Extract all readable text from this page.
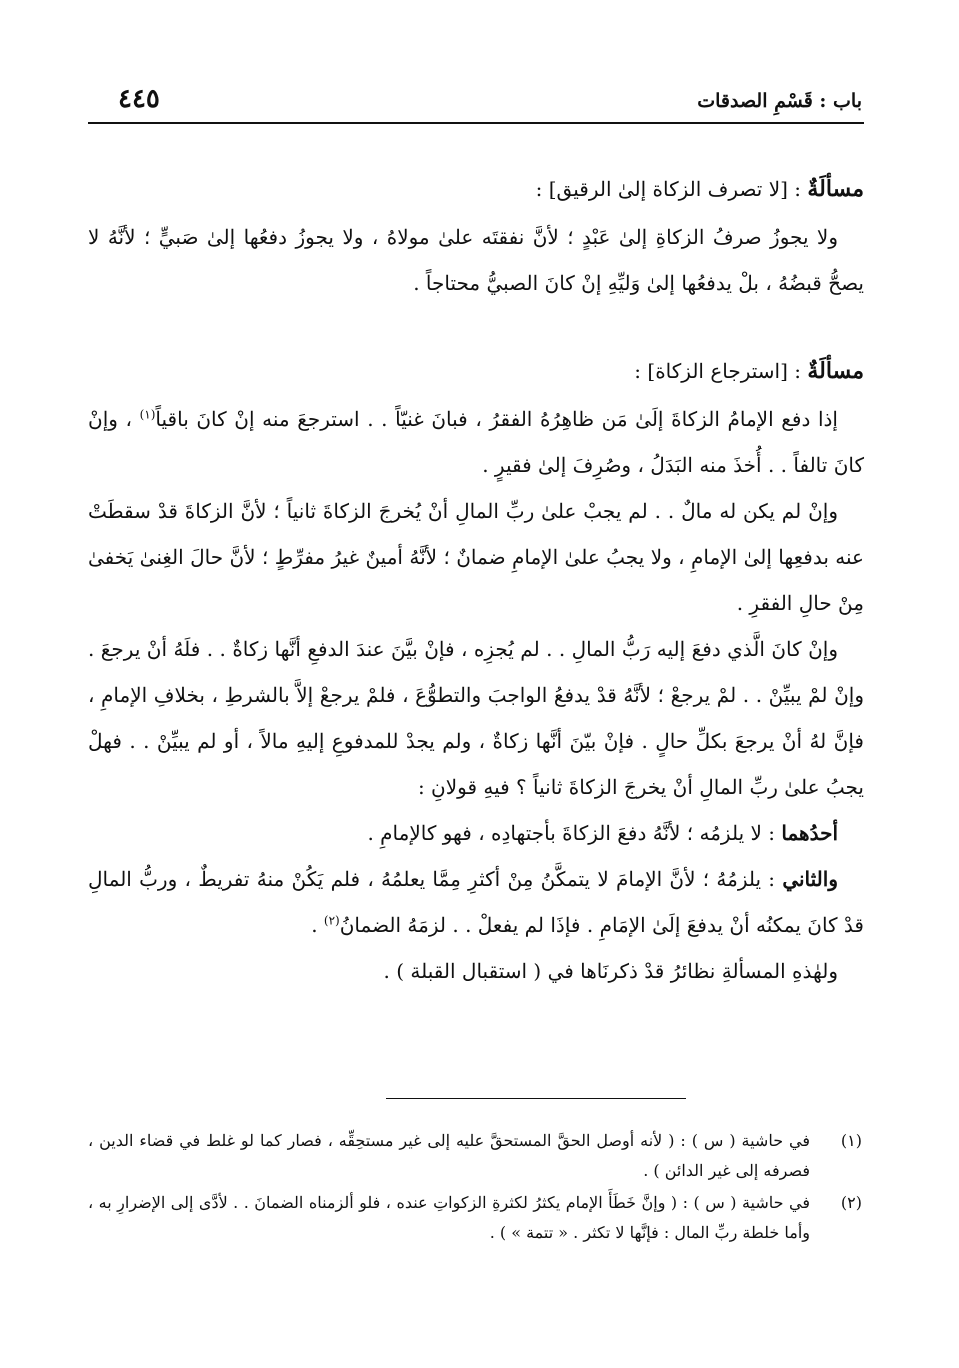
باب : قَسْمِ الصدقات
٤٤٥

مسألَةٌ : [لا تصرف الزكاة إلىٰ الرقيق] :

ولا يجوزُ صرفُ الزكاةِ إلىٰ عَبْدٍ ؛ لأنَّ نفقتَه علىٰ مولاهُ ، ولا يجوزُ دفعُها إلىٰ صَبيٍّ ؛ لأنَّهُ لا يصحُّ قبضُهُ ، بلْ يدفعُها إلىٰ وَليِّهِ إنْ كانَ الصبيُّ محتاجاً .

مسألَةٌ : [استرجاع الزكاة] :

إذا دفع الإمامُ الزكاةَ إلَىٰ مَن ظاهِرُهُ الفقرُ ، فبانَ غنيّاً . . استرجعَ منه إنْ كانَ باقياً$^{(١)}$ ، وإنْ كانَ تالفاً . . أُخذَ منه البَدَلُ ، وصُرِفَ إلىٰ فقيرٍ .

وإنْ لم يكن له مالٌ . . لم يجبْ علىٰ ربِّ المالِ أنْ يُخرجَ الزكاةَ ثانياً ؛ لأنَّ الزكاةَ قدْ سقطَتْ عنه بدفعِها إلىٰ الإمامِ ، ولا يجبُ علىٰ الإمامِ ضمانٌ ؛ لأنَّهُ أمينٌ غيرُ مفرِّطٍ ؛ لأنَّ حالَ الغِنىٰ يَخفىٰ مِنْ حالِ الفقرِ .

وإنْ كانَ الَّذي دفعَ إليه رَبُّ المالِ . . لم يُجزِه ، فإنْ بيَّنَ عندَ الدفعِ أنَّها زكاةٌ . . فلَهُ أنْ يرجعَ . وإنْ لمْ يبيِّنْ . . لمْ يرجعْ ؛ لأنَّهُ قدْ يدفعُ الواجبَ والتطوُّعَ ، فلمْ يرجعْ إلاَّ بالشرطِ ، بخلافِ الإمامِ ، فإنَّ لهُ أنْ يرجعَ بكلِّ حالٍ . فإنْ بيّنَ أنَّها زكاةٌ ، ولم يجدْ للمدفوعِ إليهِ مالاً ، أو لم يبيِّنْ . . فهلْ يجبُ علىٰ ربِّ المالِ أنْ يخرجَ الزكاةَ ثانياً ؟ فيهِ قولانِ :

أحدُهما : لا يلزمُه ؛ لأنَّهُ دفعَ الزكاةَ بأجتهادِه ، فهو كالإمامِ .

والثاني : يلزمُهُ ؛ لأنَّ الإمامَ لا يتمكَّنُ مِنْ أكثرِ مِمَّا يعلمُهُ ، فلم يَكُنْ منهُ تفريطٌ ، وربُّ المالِ قدْ كانَ يمكنُه أنْ يدفعَ إلَىٰ الإمَامِ . فإذَا لم يفعلْ . . لزمَهُ الضمانُ$^{(٢)}$ .

ولهٰذهِ المسألةِ نظائرُ قدْ ذكرنَاها في ( استقبال القبلة ) .

(١)
في حاشية ( س ) : ( لأنه أوصل الحقَّ المستحقَّ عليه إلى غير مستحِقِّه ، فصار كما لو غلط في قضاء الدين ، فصرفه إلى غير الدائن ) .

(٢)
في حاشية ( س ) : ( وإنَّ خَطَأَ الإمام يكثرُ لكثرةِ الزكواتِ عنده ، فلو ألزمناه الضمانَ . . لأدَّى إلى الإضرارِ به ، وأما خلطة ربِّ المال : فإنَّها لا تكثر . « تتمة » ) .
